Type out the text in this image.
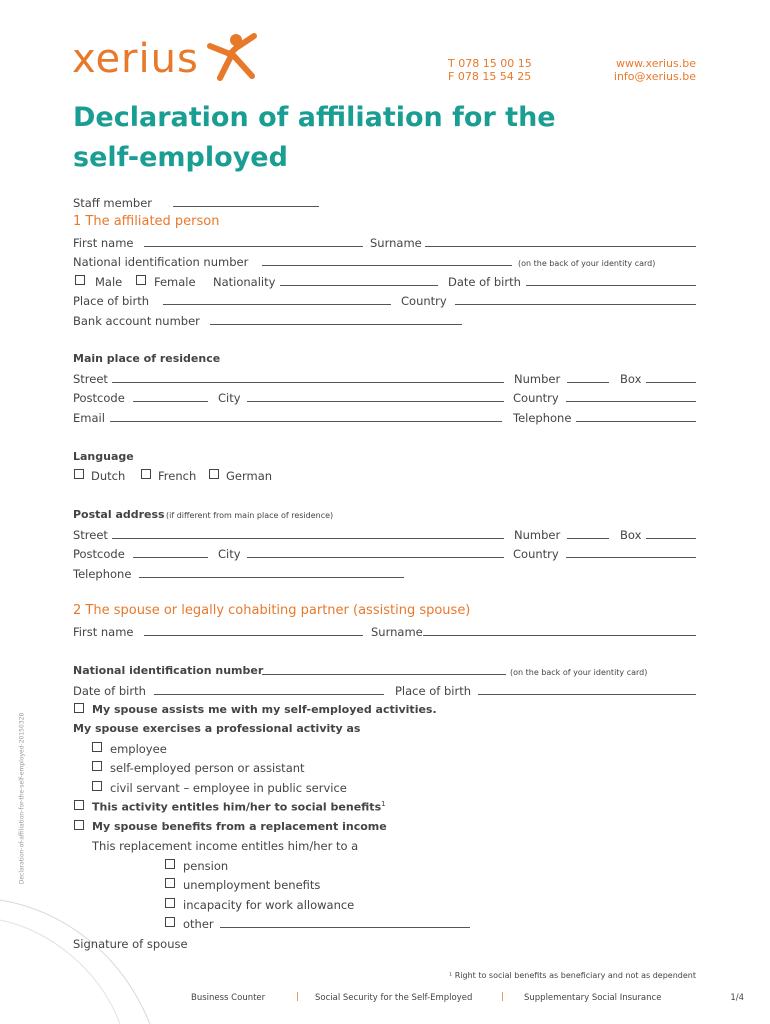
xerius	T 078 15 00 15
F 078 15 54 25
www.xerius.be
info@xerius.be
Declaration of affiliation for the
self-employed
Staff member
1 The affiliated person
First name	Surname
National identification number	(on the back of your identity card)
Male	Female Nationality	Date of birth
Place of birth	Country
Bank account number
Main place of residence
Street	Number	Box
Postcode	City	Country
Email	Telephone
Language
Dutch	French	German
Postal address (if different from main place of residence)
Street	Number	Box
Postcode	City	Country
Telephone
2 The spouse or legally cohabiting partner (assisting spouse)
First name	Surname
National identification number	(on the back of your identity card)
Date of birth	Place of birth
My spouse assists me with my self-employed activities.
My spouse exercises a professional activity as
employee
self-employed person or assistant
civil servant – employee in public service
This activity entitles him/her to social benefits$^1$
My spouse benefits from a replacement income
This replacement income entitles him/her to a
pension
unemployment benefits
incapacity for work allowance
other
Signature of spouse
¹ Right to social benefits as beneficiary and not as dependent
Business Counter	| Social Security for the Self-Employed	| Supplementary Social Insurance	1/4
Declaration-of-affiliation-for-the-self-employed-20150328
